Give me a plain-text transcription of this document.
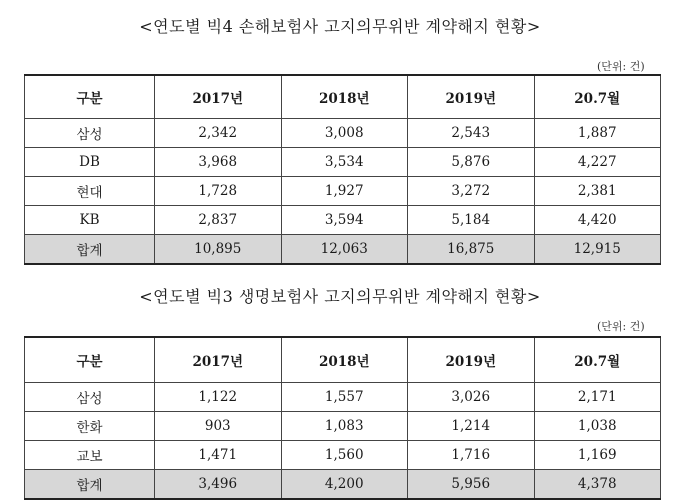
<연도별 빅4 손해보험사 고지의무위반 계약해지 현황>
(단위: 건)
구분	2017년	2018년	2019년	20.7월
삼성	2,342	3,008	2,543	1,887
DB	3,968	3,534	5,876	4,227
현대	1,728	1,927	3,272	2,381
KB	2,837	3,594	5,184	4,420
합계	10,895	12,063	16,875	12,915
<연도별 빅3 생명보험사 고지의무위반 계약해지 현황>
(단위: 건)
구분	2017년	2018년	2019년	20.7월
삼성	1,122	1,557	3,026	2,171
한화	903	1,083	1,214	1,038
교보	1,471	1,560	1,716	1,169
합계	3,496	4,200	5,956	4,378
